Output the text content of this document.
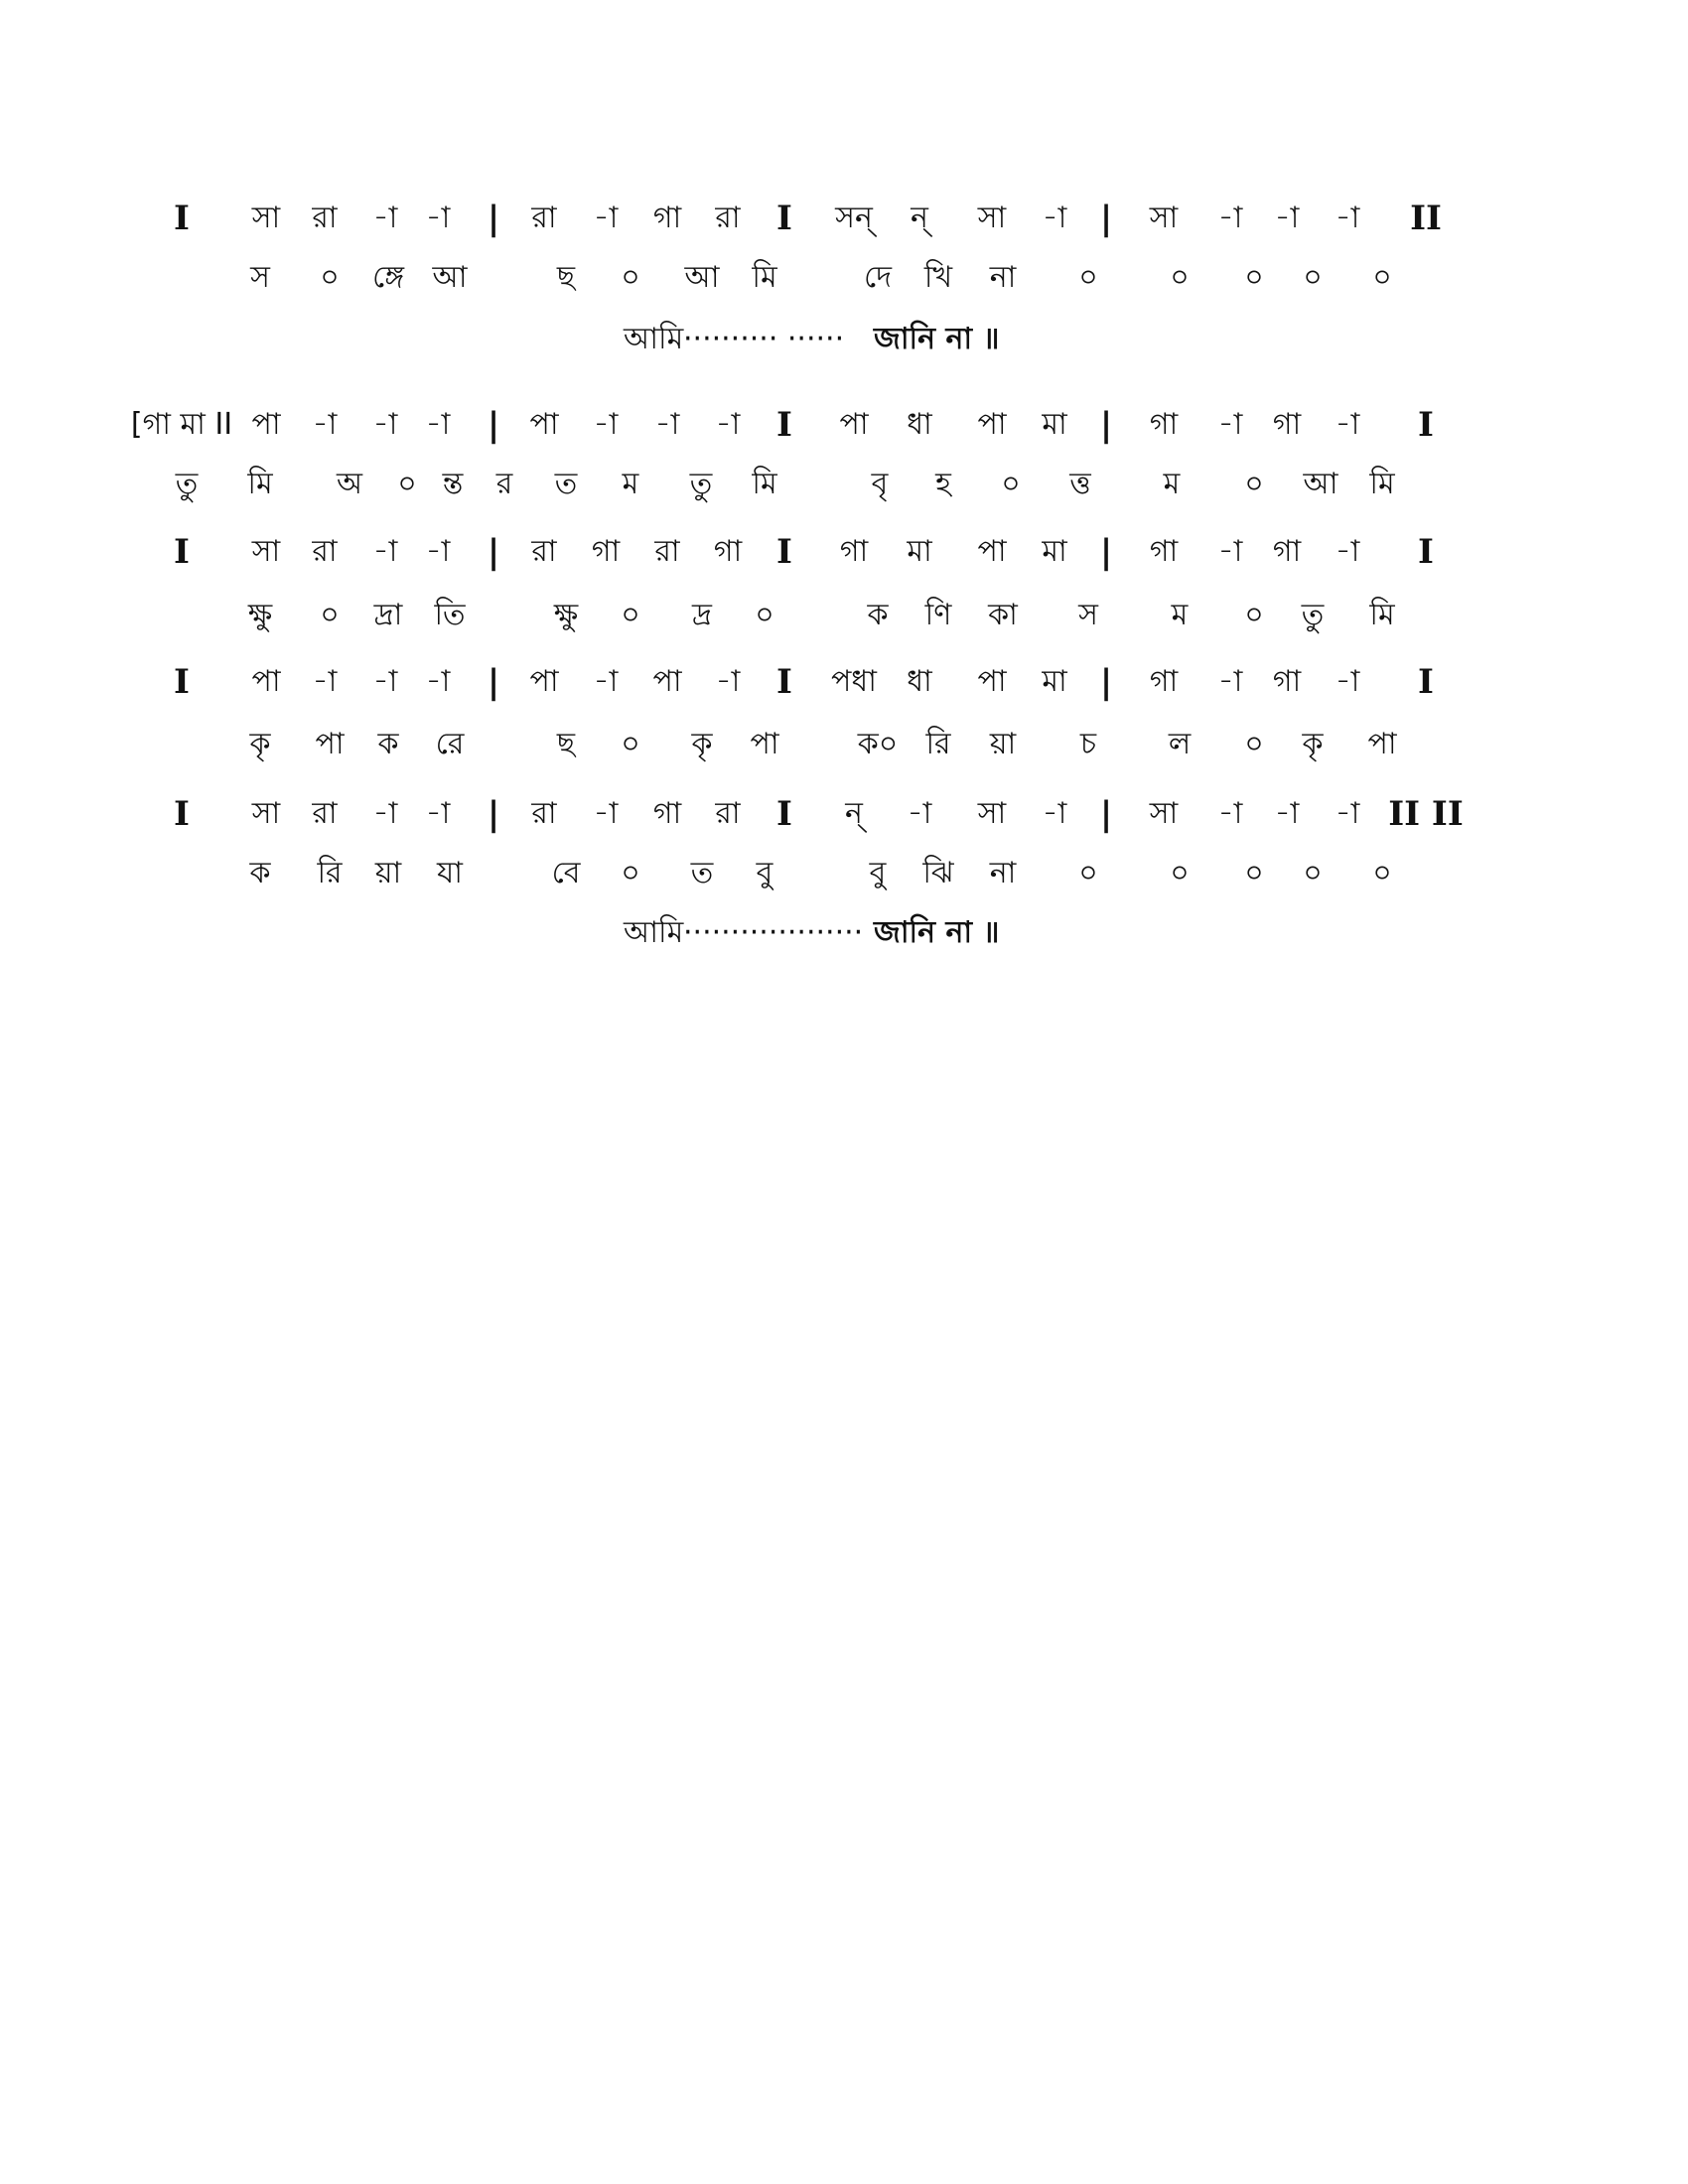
I সা রা -া -া | রা -া গা রা I সন্ ন্ সা -া | সা -া -া -া II
স ০ ঙ্গে আ	ছ ০ আ মি	দে খি না ০ ০ ০ ০ ০
[গা মা II পা -া -া -া | পা -া -া -া I পা ধা পা মা | গা -া গা -া I
তু মি অ ০ ন্ত র ত ম তু মি	বৃ হ ০ ত্ত ম ০ আ মি
I সা রা -া -া | রা গা রা গা I গা মা পা মা | গা -া গা -া I
ক্ষু ০ দ্রা তি	ক্ষু ০ দ্র ০	ক ণি কা স ম ০ তু মি
I পা -া -া -া | পা -া পা -া I পধা ধা পা মা | গা -া গা -া I
কৃ পা ক রে	ছ ০ কৃ পা	ক০ রি য়া চ ল ০ কৃ পা
I সা রা -া -া | রা -া গা রা I ন্ -া সা -া | সা -া -া -া II II
ক রি য়া যা	বে ০ ত বু	বু ঝি না ০ ০ ০ ০ ০
আমি ·········· ······ জানি না ॥
আমি ··················· জানি না ॥
